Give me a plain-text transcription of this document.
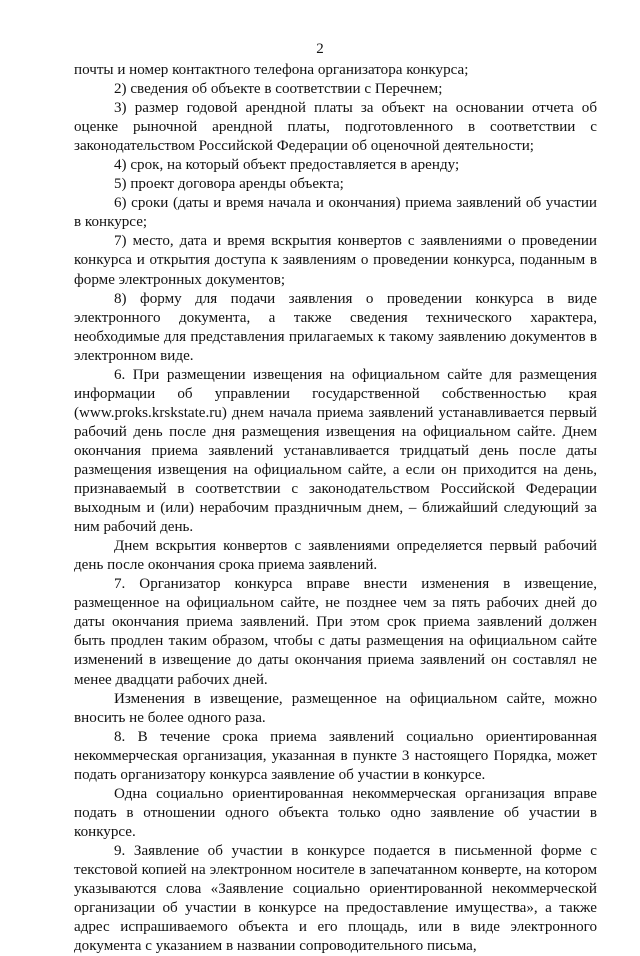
2

почты и номер контактного телефона организатора конкурса;

2) сведения об объекте в соответствии с Перечнем;

3) размер годовой арендной платы за объект на основании отчета об оценке рыночной арендной платы, подготовленного в соответствии с законодательством Российской Федерации об оценочной деятельности;

4) срок, на который объект предоставляется в аренду;

5) проект договора аренды объекта;

6) сроки (даты и время начала и окончания) приема заявлений об участии в конкурсе;

7) место, дата и время вскрытия конвертов с заявлениями о проведении конкурса и открытия доступа к заявлениям о проведении конкурса, поданным в форме электронных документов;

8) форму для подачи заявления о проведении конкурса в виде электронного документа, а также сведения технического характера, необходимые для представления прилагаемых к такому заявлению документов в электронном виде.

6. При размещении извещения на официальном сайте для размещения информации об управлении государственной собственностью края (www.proks.krskstate.ru) днем начала приема заявлений устанавливается первый рабочий день после дня размещения извещения на официальном сайте. Днем окончания приема заявлений устанавливается тридцатый день после даты размещения извещения на официальном сайте, а если он приходится на день, признаваемый в соответствии с законодательством Российской Федерации выходным и (или) нерабочим праздничным днем, – ближайший следующий за ним рабочий день.

Днем вскрытия конвертов с заявлениями определяется первый рабочий день после окончания срока приема заявлений.

7. Организатор конкурса вправе внести изменения в извещение, размещенное на официальном сайте, не позднее чем за пять рабочих дней до даты окончания приема заявлений. При этом срок приема заявлений должен быть продлен таким образом, чтобы с даты размещения на официальном сайте изменений в извещение до даты окончания приема заявлений он составлял не менее двадцати рабочих дней.

Изменения в извещение, размещенное на официальном сайте, можно вносить не более одного раза.

8. В течение срока приема заявлений социально ориентированная некоммерческая организация, указанная в пункте 3 настоящего Порядка, может подать организатору конкурса заявление об участии в конкурсе.

Одна социально ориентированная некоммерческая организация вправе подать в отношении одного объекта только одно заявление об участии в конкурсе.

9. Заявление об участии в конкурсе подается в письменной форме с текстовой копией на электронном носителе в запечатанном конверте, на котором указываются слова «Заявление социально ориентированной некоммерческой организации об участии в конкурсе на предоставление имущества», а также адрес испрашиваемого объекта и его площадь, или в виде электронного документа с указанием в названии сопроводительного письма,
